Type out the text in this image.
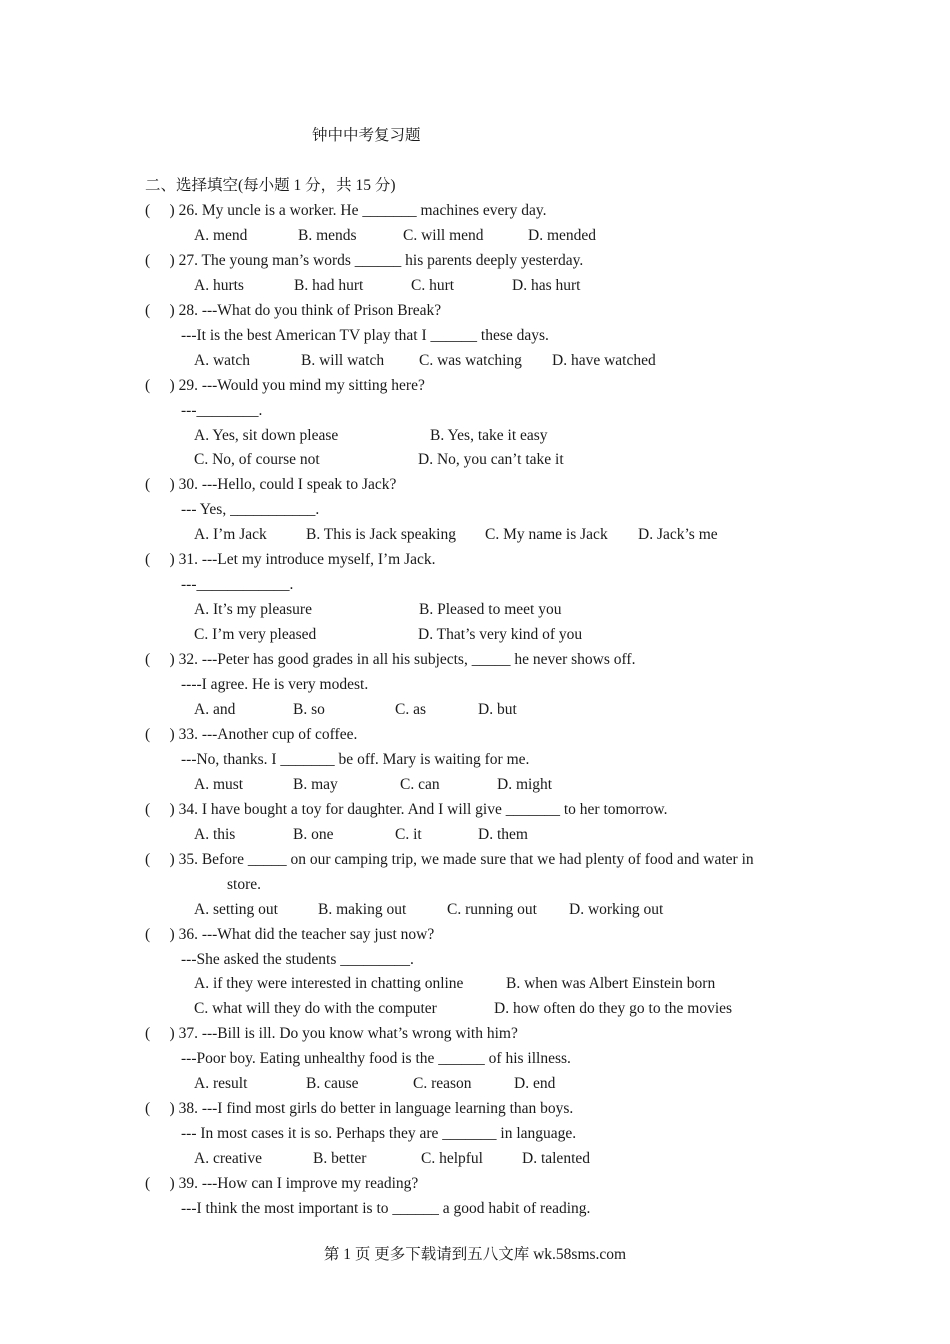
钟中中考复习题
二、选择填空(每小题 1 分，共 15 分)
(     ) 26. My uncle is a worker. He _______ machines every day.
A. mend	B. mends	C. will mend	D. mended
(     ) 27. The young man’s words ______ his parents deeply yesterday.
A. hurts	B. had hurt	C. hurt	D. has hurt
(     ) 28. ---What do you think of Prison Break?
---It is the best American TV play that I ______ these days.
A. watch	B. will watch C. was watching D. have watched
(     ) 29. ---Would you mind my sitting here?
---________.
A. Yes, sit down please	B. Yes, take it easy
C. No, of course not	D. No, you can’t take it
(     ) 30. ---Hello, could I speak to Jack?
--- Yes, ___________.
A. I’m Jack	B. This is Jack speaking C. My name is Jack D. Jack’s me
(     ) 31. ---Let my introduce myself, I’m Jack.
---____________.
A. It’s my pleasure	B. Pleased to meet you
C. I’m very pleased	D. That’s very kind of you
(     ) 32. ---Peter has good grades in all his subjects, _____ he never shows off.
----I agree. He is very modest.
A. and	B. so	C. as	D. but
(     ) 33. ---Another cup of coffee.
---No, thanks. I _______ be off. Mary is waiting for me.
A. must	B. may	C. can	D. might
(     ) 34. I have bought a toy for daughter. And I will give _______ to her tomorrow.
A. this	B. one	C. it	D. them
(     ) 35. Before _____ on our camping trip, we made sure that we had plenty of food and water in
store.
A. setting out	B. making out	C. running out D. working out
(     ) 36. ---What did the teacher say just now?
---She asked the students _________.
A. if they were interested in chatting online	B. when was Albert Einstein born
C. what will they do with the computer	D. how often do they go to the movies
(     ) 37. ---Bill is ill. Do you know what’s wrong with him?
---Poor boy. Eating unhealthy food is the ______ of his illness.
A. result	B. cause	C. reason	D. end
(     ) 38. ---I find most girls do better in language learning than boys.
--- In most cases it is so. Perhaps they are _______ in language.
A. creative	B. better	C. helpful	D. talented
(     ) 39. ---How can I improve my reading?
---I think the most important is to ______ a good habit of reading.
第 1 页 更多下载请到五八文库 wk.58sms.com
